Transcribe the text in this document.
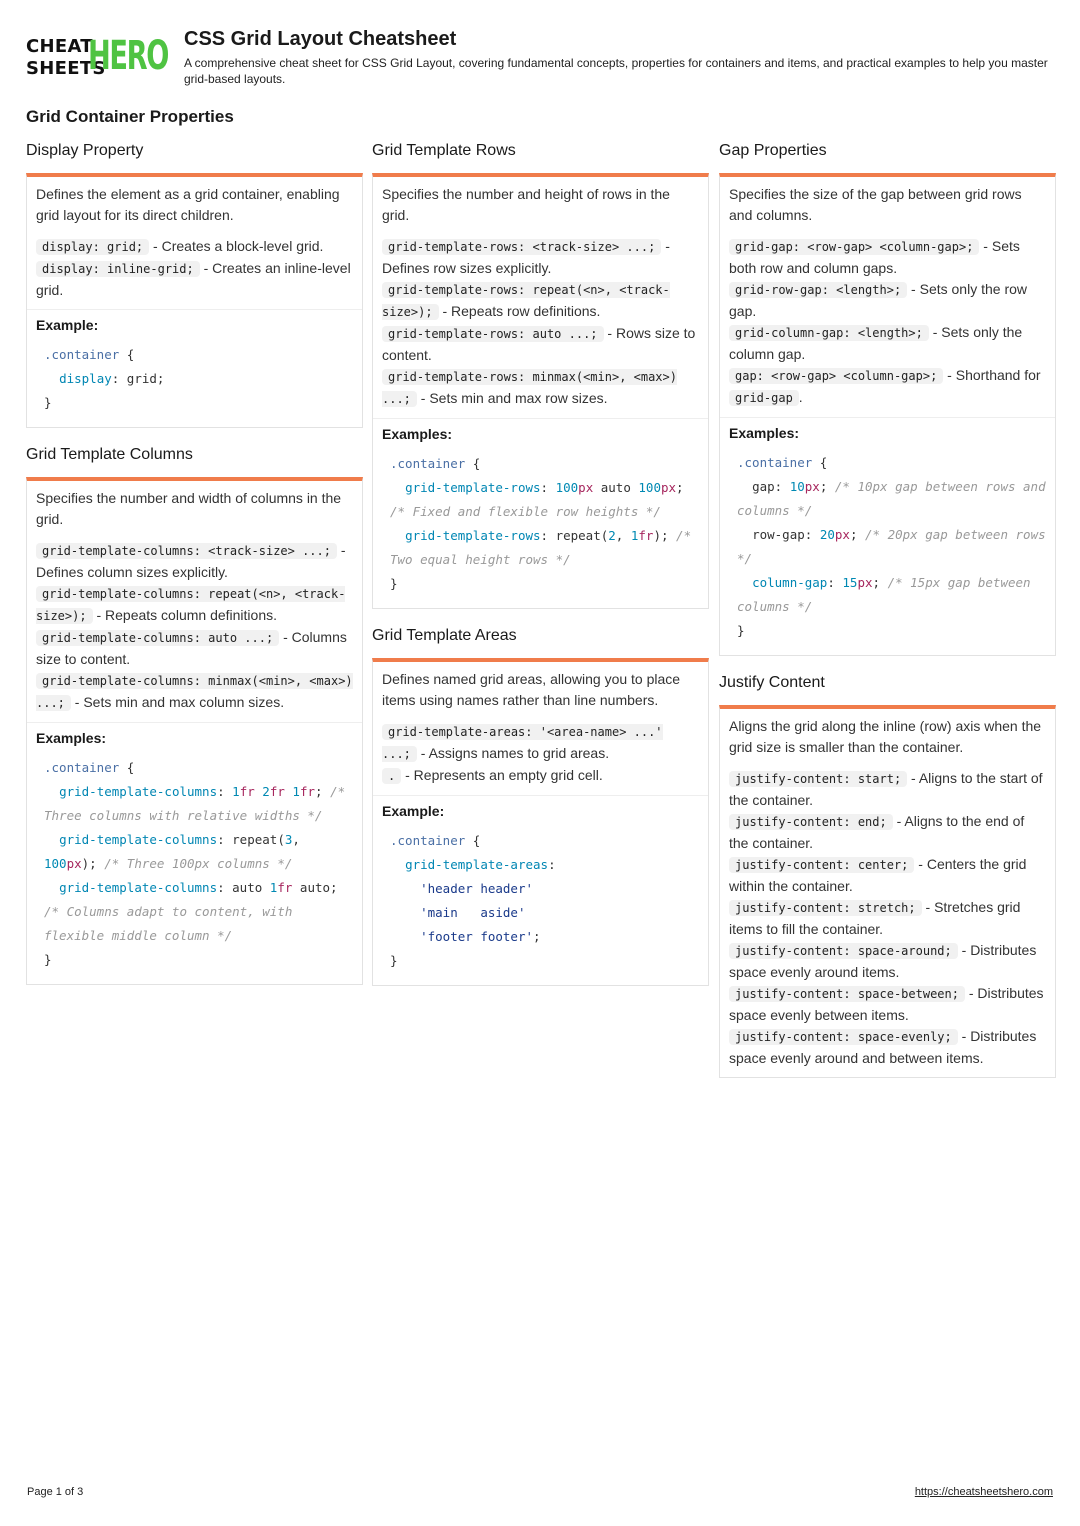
CHEAT
SHEETS
HERO CSS Grid Layout Cheatsheet
A comprehensive cheat sheet for CSS Grid Layout, covering fundamental concepts, properties for containers and items, and practical examples to help you master grid-based layouts.
Grid Container Properties
Display Property

Defines the element as a grid container, enabling grid layout for its direct children.

display: grid; - Creates a block-level grid.
display: inline-grid; - Creates an inline-level grid.

Example:
.container {
display: grid;
}
Grid Template Columns

Specifies the number and width of columns in the grid.

grid-template-columns: <track-size> ...; - Defines column sizes explicitly.
grid-template-columns: repeat(<n>, <track-size>); - Repeats column definitions.
grid-template-columns: auto ...; - Columns size to content.
grid-template-columns: minmax(<min>, <max>) ...; - Sets min and max column sizes.

Examples:
.container {
grid-template-columns: 1fr 2fr 1fr; /* Three columns with relative widths */
grid-template-columns: repeat(3, 100px); /* Three 100px columns */
grid-template-columns: auto 1fr auto;
/* Columns adapt to content, with flexible middle column */
}
Grid Template Rows

Specifies the number and height of rows in the grid.

grid-template-rows: <track-size> ...; - Defines row sizes explicitly.
grid-template-rows: repeat(<n>, <track-size>); - Repeats row definitions.
grid-template-rows: auto ...; - Rows size to content.
grid-template-rows: minmax(<min>, <max>) ...; - Sets min and max row sizes.

Examples:
.container {
grid-template-rows: 100px auto 100px;
/* Fixed and flexible row heights */
grid-template-rows: repeat(2, 1fr); /* Two equal height rows */
}
Grid Template Areas

Defines named grid areas, allowing you to place items using names rather than line numbers.

grid-template-areas: '<area-name> ...' ...; - Assigns names to grid areas.
. - Represents an empty grid cell.

Example:
.container {
grid-template-areas:
'header header'
'main   aside'
'footer footer';
}
Gap Properties

Specifies the size of the gap between grid rows and columns.

grid-gap: <row-gap> <column-gap>; - Sets both row and column gaps.
grid-row-gap: <length>; - Sets only the row gap.
grid-column-gap: <length>; - Sets only the column gap.
gap: <row-gap> <column-gap>; - Shorthand for grid-gap .

Examples:
.container {
gap: 10px; /* 10px gap between rows and columns */
row-gap: 20px; /* 20px gap between rows */
column-gap: 15px; /* 15px gap between columns */
}
Justify Content

Aligns the grid along the inline (row) axis when the grid size is smaller than the container.

justify-content: start; - Aligns to the start of the container.
justify-content: end; - Aligns to the end of the container.
justify-content: center; - Centers the grid within the container.
justify-content: stretch; - Stretches grid items to fill the container.
justify-content: space-around; - Distributes space evenly around items.
justify-content: space-between; - Distributes space evenly between items.
justify-content: space-evenly; - Distributes space evenly around and between items.

Page 1 of 3	https://cheatsheetshero.com
